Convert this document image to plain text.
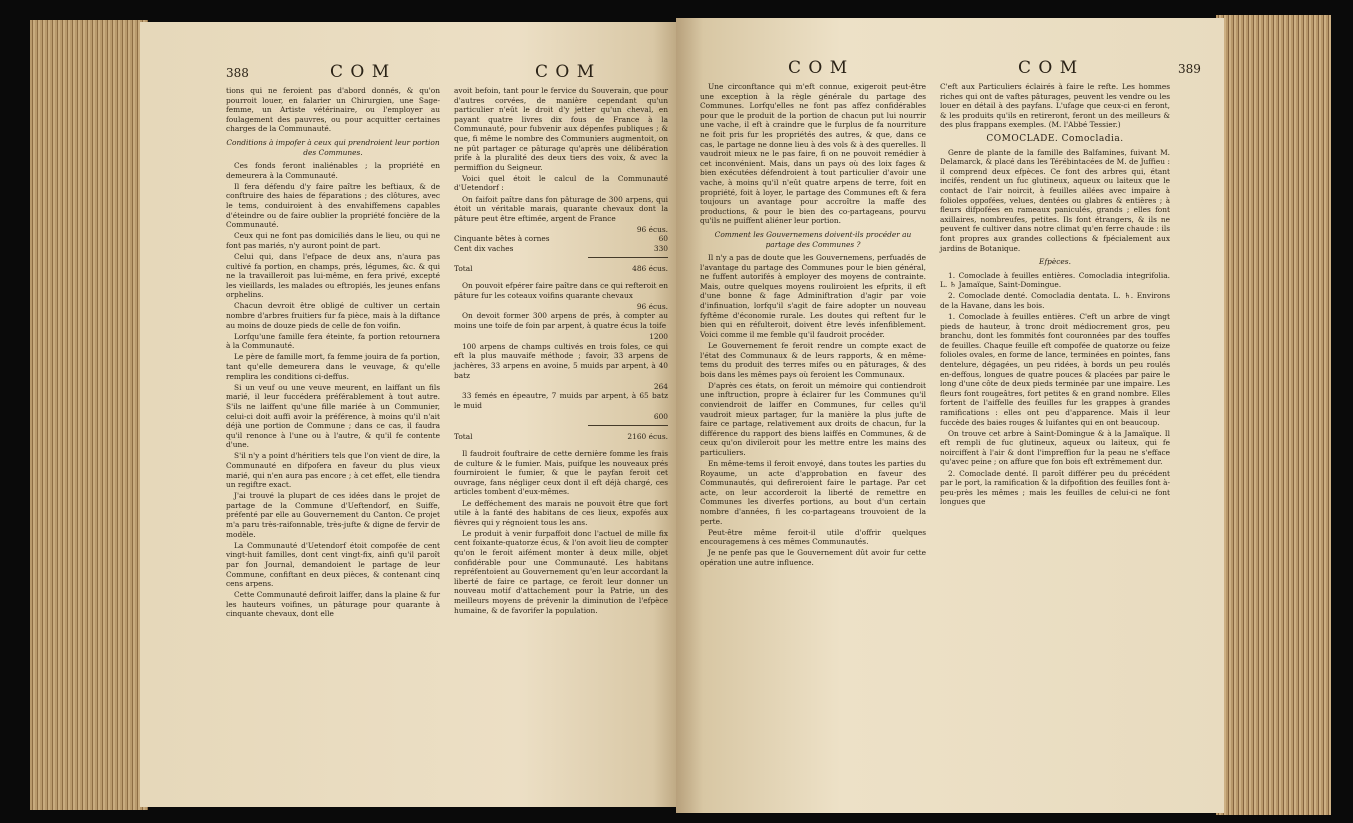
388	C O M	C O M

tions qui ne feroient pas d'abord donnés, & qu'on pourroit louer, en falarier un Chirurgien, une Sage-femme, un Artiste vétérinaire, ou l'employer au foulagement des pauvres, ou pour acquitter certaines charges de la Communauté.

Conditions à impofer à ceux qui prendroient leur portion des Communes.

Ces fonds feront inaliénables ; la propriété en demeurera à la Communauté.

Il fera défendu d'y faire paître les beftiaux, & de conftruire des haies de féparations ; des clôtures, avec le tems, conduiroient à des envahiffemens capables d'éteindre ou de faire oublier la propriété foncière de la Communauté.

Ceux qui ne font pas domiciliés dans le lieu, ou qui ne font pas mariés, n'y auront point de part.

Celui qui, dans l'efpace de deux ans, n'aura pas cultivé fa portion, en champs, prés, légumes, &c. & qui ne la travailleroit pas lui-même, en fera privé, excepté les vieillards, les malades ou eftropiés, les jeunes enfans orphelins.

Chacun devroit être obligé de cultiver un certain nombre d'arbres fruitiers fur fa pièce, mais à la diftance au moins de douze pieds de celle de fon voifin.

Lorfqu'une famille fera éteinte, fa portion retournera à la Communauté.

Le père de famille mort, fa femme jouira de fa portion, tant qu'elle demeurera dans le veuvage, & qu'elle remplira les conditions ci-deffus.

Si un veuf ou une veuve meurent, en laiffant un fils marié, il leur fuccédera préférablement à tout autre. S'ils ne laiffent qu'une fille mariée à un Communier, celui-ci doit auffi avoir la préférence, à moins qu'il n'ait déjà une portion de Commune ; dans ce cas, il faudra qu'il renonce à l'une ou à l'autre, & qu'il fe contente d'une.

S'il n'y a point d'héritiers tels que l'on vient de dire, la Communauté en difpofera en faveur du plus vieux marié, qui n'en aura pas encore ; à cet effet, elle tiendra un regiftre exact.

J'ai trouvé la plupart de ces idées dans le projet de partage de la Commune d'Ueftendorf, en Suiffe, préfenté par elle au Gouvernement du Canton. Ce projet m'a paru très-raifonnable, très-jufte & digne de fervir de modèle.

La Communauté d'Uetendorf étoit compofée de cent vingt-huit familles, dont cent vingt-fix, ainfi qu'il paroît par fon Journal, demandoient le partage de leur Commune, confiftant en deux pièces, & contenant cinq cens arpens.

Cette Communauté defiroit laiffer, dans la plaine & fur les hauteurs voifines, un pâturage pour quarante à cinquante chevaux, dont elle

avoit befoin, tant pour le fervice du Souverain, que pour d'autres corvées, de manière cependant qu'un particulier n'eût le droit d'y jetter qu'un cheval, en payant quatre livres dix fous de France à la Communauté, pour fubvenir aux dépenfes publiques ; & que, fi même le nombre des Communiers augmentoit, on ne pût partager ce pâturage qu'après une délibération prife à la pluralité des deux tiers des voix, & avec la permiffion du Seigneur.

Voici quel étoit le calcul de la Communauté d'Uetendorf :

On faifoit paître dans fon pâturage de 300 arpens, qui étoit un véritable marais, quarante chevaux dont la pâture peut être eftimée, argent de France

96 écus.
Cinquante bêtes à cornes	60
Cent dix vaches	330
Total	486 écus.

On pouvoit efpérer faire paître dans ce qui refteroit en pâture fur les coteaux voifins quarante chevaux

96 écus.

On devoit former 300 arpens de prés, à compter au moins une toife de foin par arpent, à quatre écus la toife

1200

100 arpens de champs cultivés en trois foles, ce qui eft la plus mauvaife méthode ; favoir, 33 arpens de jachères, 33 arpens en avoine, 5 muids par arpent, à 40 batz

264

33 femés en épeautre, 7 muids par arpent, à 65 batz le muid

600
Total	2160 écus.

Il faudroit fouftraire de cette dernière fomme les frais de culture & le fumier. Mais, puifque les nouveaux prés fourniroient le fumier, & que le payfan feroit cet ouvrage, fans négliger ceux dont il eft déjà chargé, ces articles tombent d'eux-mêmes.

Le defféchement des marais ne pouvoit être que fort utile à la fanté des habitans de ces lieux, expofés aux fièvres qui y régnoient tous les ans.

Le produit à venir furpaffoit donc l'actuel de mille fix cent foixante-quatorze écus, & l'on avoit lieu de compter qu'on le feroit aifément monter à deux mille, objet confidérable pour une Communauté. Les habitans repréfentoient au Gouvernement qu'en leur accordant la liberté de faire ce partage, ce feroit leur donner un nouveau motif d'attachement pour la Patrie, un des meilleurs moyens de prévenir la diminution de l'efpèce humaine, & de favorifer la population.

C O M	C O M	389

Une circonftance qui m'eft connue, exigeroit peut-être une exception à la règle générale du partage des Communes. Lorfqu'elles ne font pas affez confidérables pour que le produit de la portion de chacun put lui nourrir une vache, il eft à craindre que le furplus de fa nourriture ne foit pris fur les propriétés des autres, & que, dans ce cas, le partage ne donne lieu à des vols & à des querelles. Il vaudroit mieux ne le pas faire, fi on ne pouvoit remédier à cet inconvénient. Mais, dans un pays où des loix fages & bien exécutées défendroient à tout particulier d'avoir une vache, à moins qu'il n'eût quatre arpens de terre, foit en propriété, foit à loyer, le partage des Communes eft & fera toujours un avantage pour accroître la maffe des productions, & pour le bien des co-partageans, pourvu qu'ils ne puiffent aliéner leur portion.

Comment les Gouvernemens doivent-ils procéder au partage des Communes ?

Il n'y a pas de doute que les Gouvernemens, perfuadés de l'avantage du partage des Communes pour le bien général, ne fuffent autorifés à employer des moyens de contrainte. Mais, outre quelques moyens rouliroient les efprits, il eft d'une bonne & fage Adminiftration d'agir par voie d'infinuation, lorfqu'il s'agit de faire adopter un nouveau fyftême d'économie rurale. Les doutes qui reftent fur le bien qui en réfulteroit, doivent être levés infenfiblement. Voici comme il me femble qu'il faudroit procéder.

Le Gouvernement fe feroit rendre un compte exact de l'état des Communaux & de leurs rapports, & en même-tems du produit des terres mifes ou en pâturages, & des bois dans les mêmes pays où feroient les Communaux.

D'après ces états, on feroit un mémoire qui contiendroit une inftruction, propre à éclairer fur les Communes qu'il conviendroit de laiffer en Communes, fur celles qu'il vaudroit mieux partager, fur la manière la plus jufte de faire ce partage, relativement aux droits de chacun, fur la différence du rapport des biens laiffés en Communes, & de ceux qu'on divileroit pour les mettre entre les mains des particuliers.

En même-tems il feroit envoyé, dans toutes les parties du Royaume, un acte d'approbation en faveur des Communautés, qui defireroient faire le partage. Par cet acte, on leur accorderoit la liberté de remettre en Communes les diverfes portions, au bout d'un certain nombre d'années, fi les co-partageans trouvoient de la perte.

Peut-être même feroit-il utile d'offrir quelques encouragemens à ces mêmes Communautés.

Je ne penfe pas que le Gouvernement dût avoir fur cette opération une autre influence.

C'eft aux Particuliers éclairés à faire le refte. Les hommes riches qui ont de vaftes pâturages, peuvent les vendre ou les louer en détail à des payfans. L'ufage que ceux-ci en feront, & les produits qu'ils en retireront, feront un des meilleurs & des plus frappans exemples. (M. l'Abbé Tessier.)

COMOCLADE. Comocladia.

Genre de plante de la famille des Balfamines, fuivant M. Delamarck, & placé dans les Térébintacées de M. de Juffieu : il comprend deux efpèces. Ce font des arbres qui, étant incifés, rendent un fuc glutineux, aqueux ou laiteux que le contact de l'air noircit, à feuilles ailées avec impaire à folioles oppofées, velues, dentées ou glabres & entières ; à fleurs difpofées en rameaux paniculés, grands ; elles font axillaires, nombreufes, petites. Ils font étrangers, & ils ne peuvent fe cultiver dans notre climat qu'en ferre chaude : ils font propres aux grandes collections & fpécialement aux jardins de Botanique.

Efpèces.

1. Comoclade à feuilles entières. Comocladia integrifolia. L. ♄ Jamaïque, Saint-Domingue.

2. Comoclade denté. Comocladia dentata. L. ♄. Environs de la Havane, dans les bois.

1. Comoclade à feuilles entières. C'eft un arbre de vingt pieds de hauteur, à tronc droit médiocrement gros, peu branchu, dont les fommités font couronnées par des touffes de feuilles. Chaque feuille eft compofée de quatorze ou feize folioles ovales, en forme de lance, terminées en pointes, fans dentelure, dégagées, un peu ridées, à bords un peu roulés en-deffous, longues de quatre pouces & placées par paire le long d'une côte de deux pieds terminée par une impaire. Les fleurs font rougeâtres, fort petites & en grand nombre. Elles fortent de l'aiffelle des feuilles fur les grappes à grandes ramifications : elles ont peu d'apparence. Mais il leur fuccède des baies rouges & luifantes qui en ont beaucoup.

On trouve cet arbre à Saint-Domingue & à la Jamaïque. Il eft rempli de fuc glutineux, aqueux ou laiteux, qui fe noirciffent à l'air & dont l'impreffion fur la peau ne s'efface qu'avec peine ; on affure que fon bois eft extrêmement dur.

2. Comoclade denté. Il paroît différer peu du précédent par le port, la ramification & la difpofition des feuilles font à-peu-près les mêmes ; mais les feuilles de celui-ci ne font longues que
